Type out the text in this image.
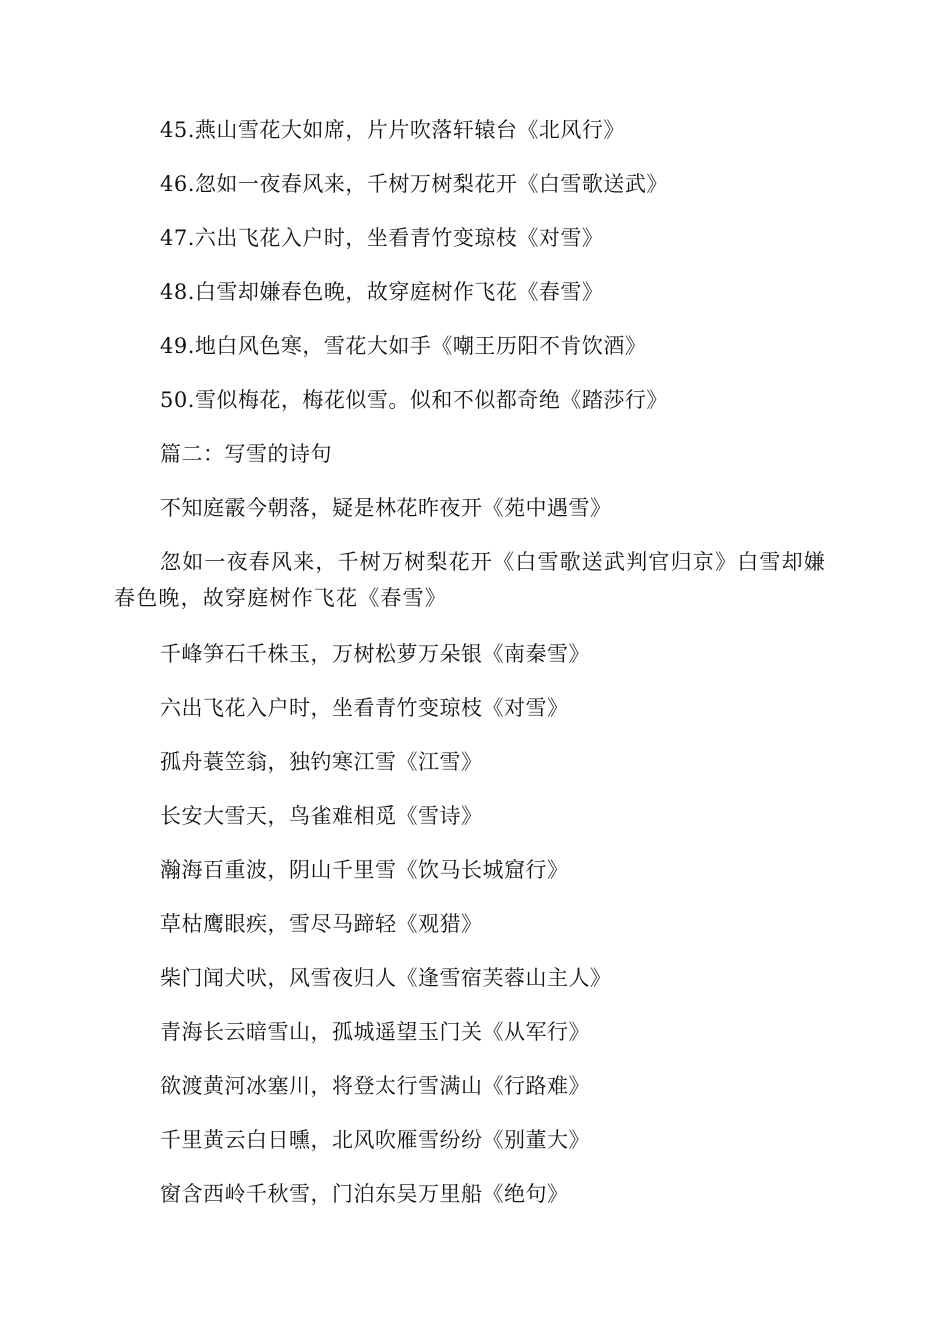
45.燕山雪花大如席，片片吹落轩辕台《北风行》

46.忽如一夜春风来，千树万树梨花开《白雪歌送武》

47.六出飞花入户时，坐看青竹变琼枝《对雪》

48.白雪却嫌春色晚，故穿庭树作飞花《春雪》

49.地白风色寒，雪花大如手《嘲王历阳不肯饮酒》

50.雪似梅花，梅花似雪。似和不似都奇绝《踏莎行》

篇二：写雪的诗句

不知庭霰今朝落，疑是林花昨夜开《苑中遇雪》

忽如一夜春风来，千树万树梨花开《白雪歌送武判官归京》白雪却嫌春色晚，故穿庭树作飞花《春雪》

千峰笋石千株玉，万树松萝万朵银《南秦雪》

六出飞花入户时，坐看青竹变琼枝《对雪》

孤舟蓑笠翁，独钓寒江雪《江雪》

长安大雪天，鸟雀难相觅《雪诗》

瀚海百重波，阴山千里雪《饮马长城窟行》

草枯鹰眼疾，雪尽马蹄轻《观猎》

柴门闻犬吠，风雪夜归人《逢雪宿芙蓉山主人》

青海长云暗雪山，孤城遥望玉门关《从军行》

欲渡黄河冰塞川，将登太行雪满山《行路难》

千里黄云白日曛，北风吹雁雪纷纷《别董大》

窗含西岭千秋雪，门泊东吴万里船《绝句》
